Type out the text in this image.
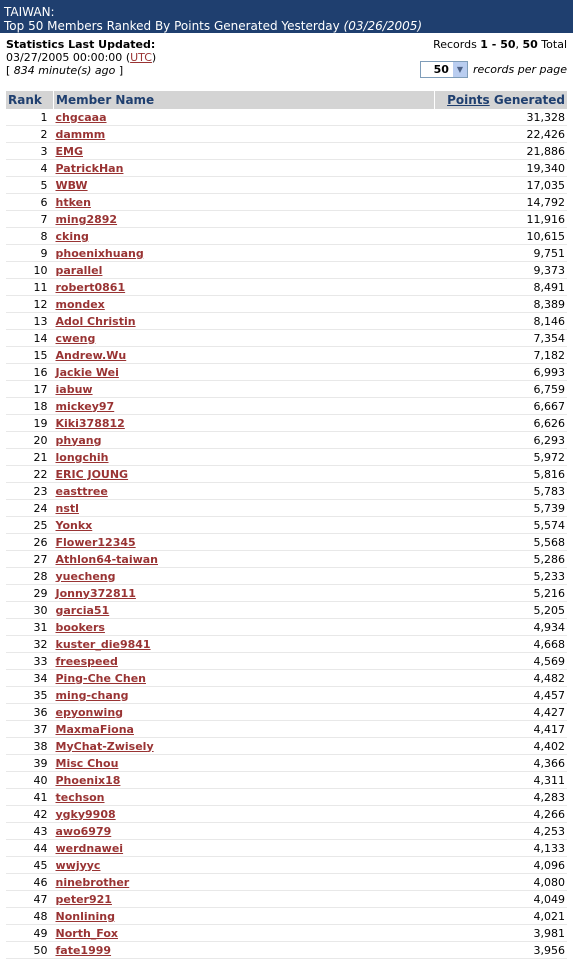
TAIWAN:
Top 50 Members Ranked By Points Generated Yesterday (03/26/2005)
Statistics Last Updated:
03/27/2005 00:00:00 (UTC)
[ 834 minute(s) ago ]
Records 1 - 50, 50 Total
50 ▼ records per page
Rank	Member Name	Points Generated
1	chgcaaa	31,328
2	dammm	22,426
3	EMG	21,886
4	PatrickHan	19,340
5	WBW	17,035
6	htken	14,792
7	ming2892	11,916
8	cking	10,615
9	phoenixhuang	9,751
10	parallel	9,373
11	robert0861	8,491
12	mondex	8,389
13	Adol Christin	8,146
14	cweng	7,354
15	Andrew.Wu	7,182
16	Jackie Wei	6,993
17	iabuw	6,759
18	mickey97	6,667
19	Kiki378812	6,626
20	phyang	6,293
21	longchih	5,972
22	ERIC JOUNG	5,816
23	easttree	5,783
24	nstl	5,739
25	Yonkx	5,574
26	Flower12345	5,568
27	Athlon64-taiwan	5,286
28	yuecheng	5,233
29	Jonny372811	5,216
30	garcia51	5,205
31	bookers	4,934
32	kuster_die9841	4,668
33	freespeed	4,569
34	Ping-Che Chen	4,482
35	ming-chang	4,457
36	epyonwing	4,427
37	MaxmaFiona	4,417
38	MyChat-Zwisely	4,402
39	Misc Chou	4,366
40	Phoenix18	4,311
41	techson	4,283
42	ygky9908	4,266
43	awo6979	4,253
44	werdnawei	4,133
45	wwjyyc	4,096
46	ninebrother	4,080
47	peter921	4,049
48	Nonlining	4,021
49	North_Fox	3,981
50	fate1999	3,956
